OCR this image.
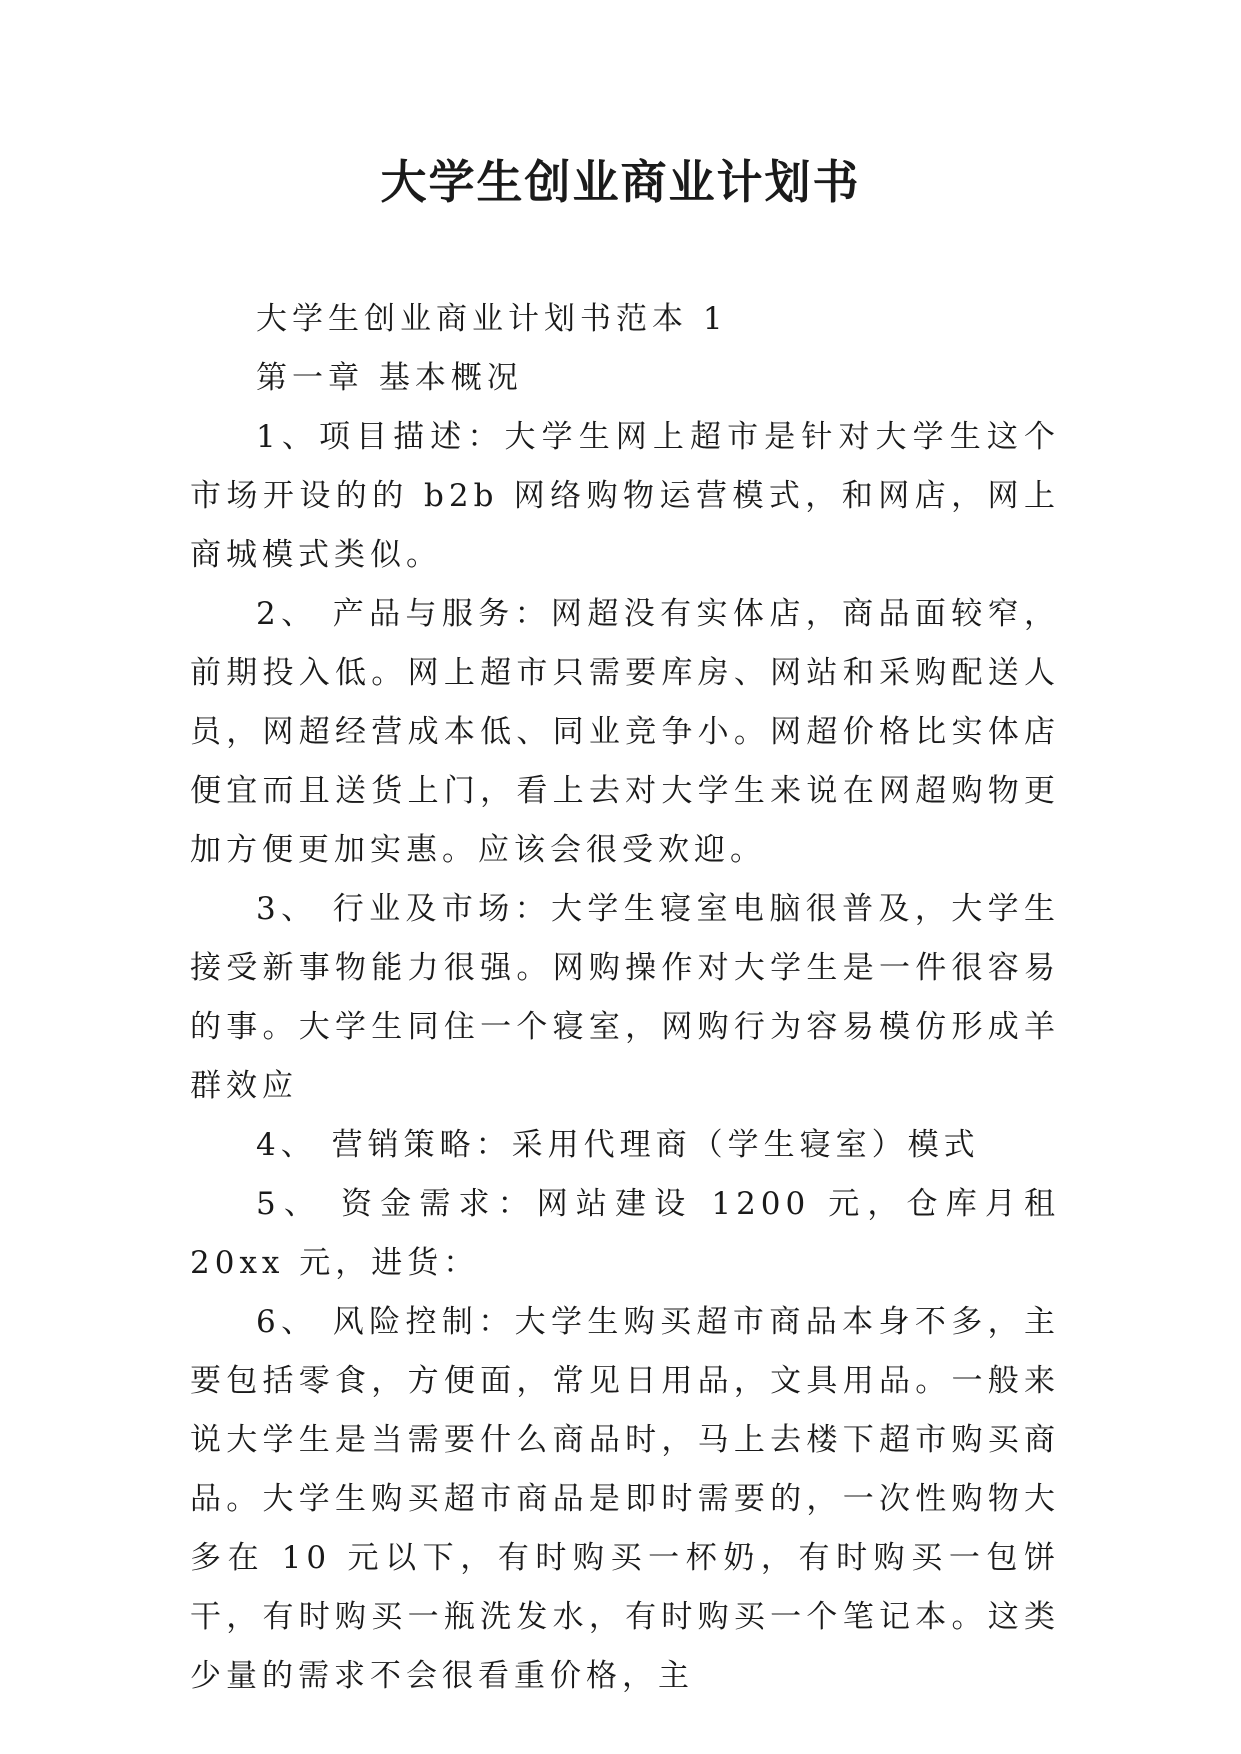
大学生创业商业计划书

大学生创业商业计划书范本 1

第一章 基本概况

1、项目描述：大学生网上超市是针对大学生这个市场开设的的 b2b 网络购物运营模式，和网店，网上商城模式类似。

2、 产品与服务：网超没有实体店，商品面较窄，前期投入低。网上超市只需要库房、网站和采购配送人员，网超经营成本低、同业竞争小。网超价格比实体店便宜而且送货上门，看上去对大学生来说在网超购物更加方便更加实惠。应该会很受欢迎。

3、 行业及市场：大学生寝室电脑很普及，大学生接受新事物能力很强。网购操作对大学生是一件很容易的事。大学生同住一个寝室，网购行为容易模仿形成羊群效应

4、 营销策略：采用代理商（学生寝室）模式

5、 资金需求：网站建设 1200 元，仓库月租 20xx 元，进货：

6、 风险控制：大学生购买超市商品本身不多，主要包括零食，方便面，常见日用品，文具用品。一般来说大学生是当需要什么商品时，马上去楼下超市购买商品。大学生购买超市商品是即时需要的，一次性购物大多在 10 元以下，有时购买一杯奶，有时购买一包饼干，有时购买一瓶洗发水，有时购买一个笔记本。这类少量的需求不会很看重价格，主
